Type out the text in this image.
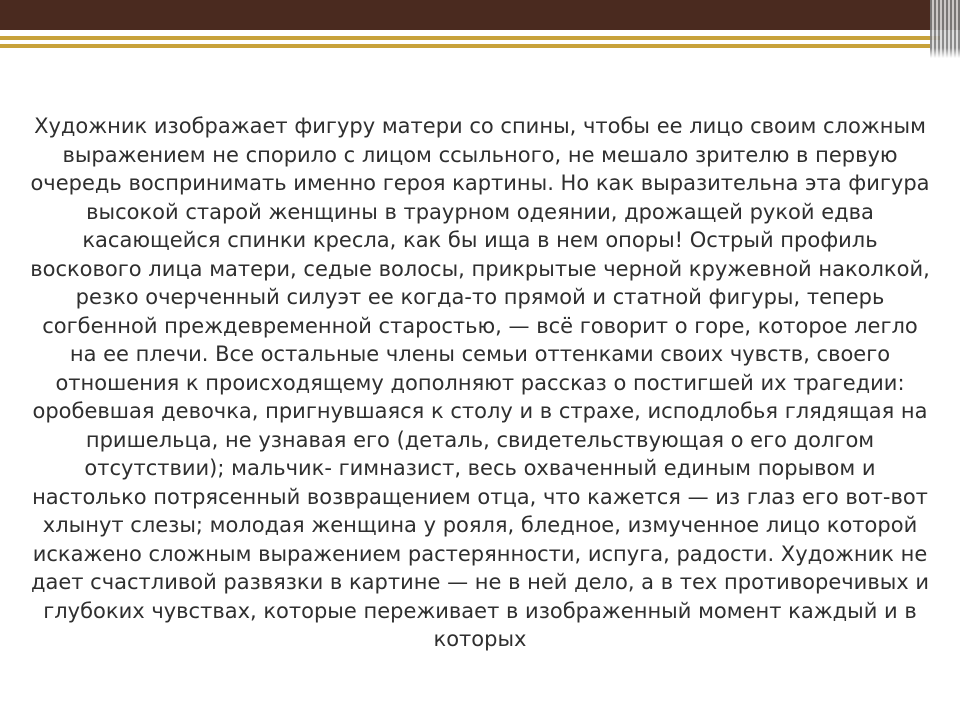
Художник изображает фигуру матери со спины, чтобы ее лицо своим сложным выражением не спорило с лицом ссыльного, не мешало зрителю в первую очередь воспринимать именно героя картины. Но как выразительна эта фигура высокой старой женщины в траурном одеянии, дрожащей рукой едва касающейся спинки кресла, как бы ища в нем опоры! Острый профиль воскового лица матери, седые волосы, прикрытые черной кружевной наколкой, резко очерченный силуэт ее когда-то прямой и статной фигуры, теперь согбенной преждевременной старостью, — всё говорит о горе, которое легло на ее плечи. Все остальные члены семьи оттенками своих чувств, своего отношения к происходящему дополняют рассказ о постигшей их трагедии: оробевшая девочка, пригнувшаяся к столу и в страхе, исподлобья глядящая на пришельца, не узнавая его (деталь, свидетельствующая о его долгом отсутствии); мальчик- гимназист, весь охваченный единым порывом и настолько потрясенный возвращением отца, что кажется — из глаз его вот-вот хлынут слезы; молодая женщина у рояля, бледное, измученное лицо которой искажено сложным выражением растерянности, испуга, радости. Художник не дает счастливой развязки в картине — не в ней дело, а в тех противоречивых и глубоких чувствах, которые переживает в изображенный момент каждый и в которых
